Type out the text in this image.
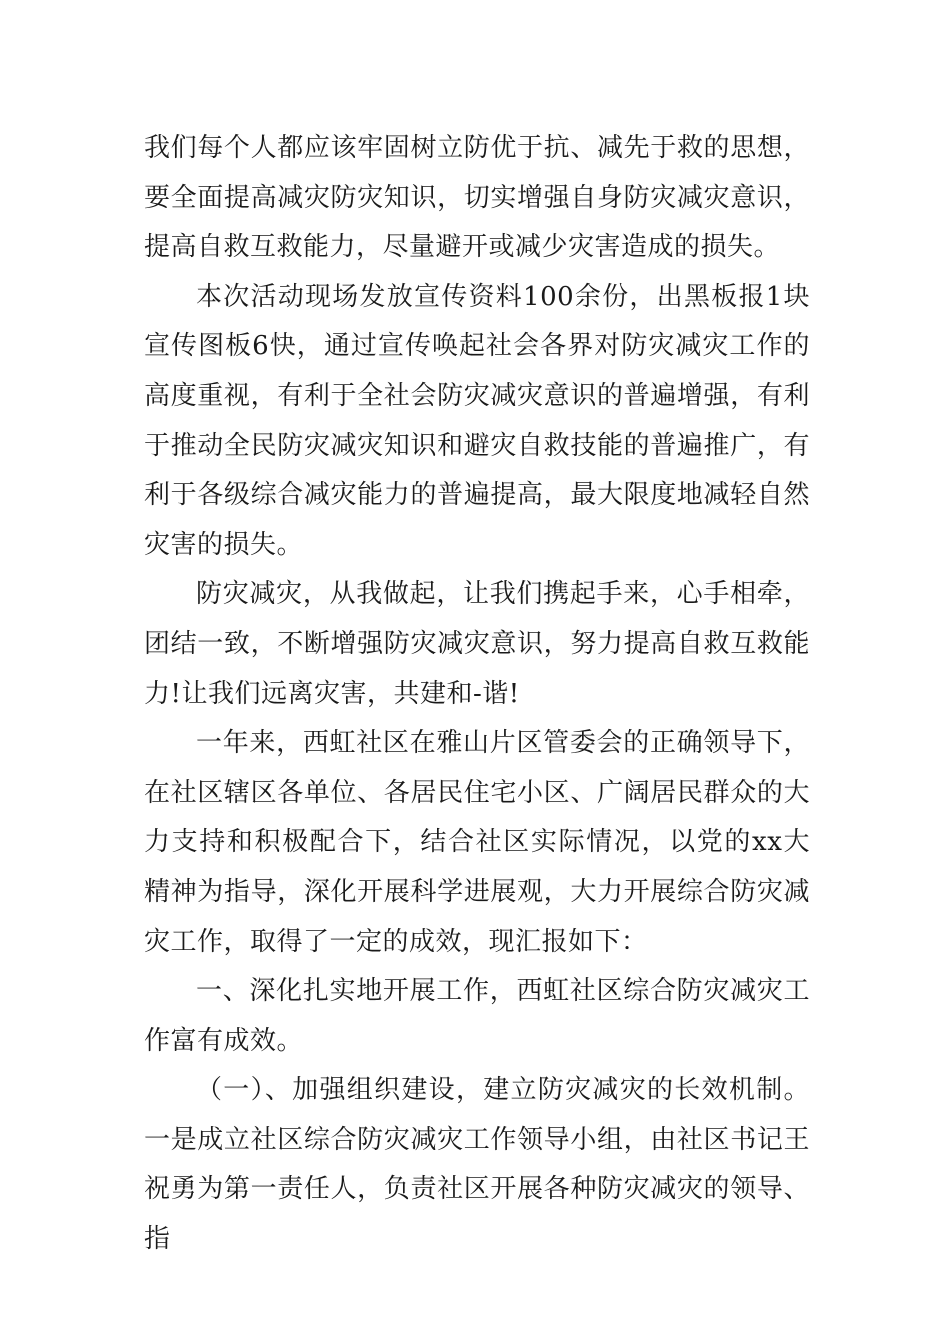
我们每个人都应该牢固树立防优于抗、减先于救的思想，要全面提高减灾防灾知识，切实增强自身防灾减灾意识，提高自救互救能力，尽量避开或减少灾害造成的损失。

本次活动现场发放宣传资料100余份，出黑板报1块宣传图板6快，通过宣传唤起社会各界对防灾减灾工作的高度重视，有利于全社会防灾减灾意识的普遍增强，有利于推动全民防灾减灾知识和避灾自救技能的普遍推广，有利于各级综合减灾能力的普遍提高，最大限度地减轻自然灾害的损失。

防灾减灾，从我做起，让我们携起手来，心手相牵，团结一致，不断增强防灾减灾意识，努力提高自救互救能力!让我们远离灾害，共建和-谐!

一年来，西虹社区在雅山片区管委会的正确领导下，在社区辖区各单位、各居民住宅小区、广阔居民群众的大力支持和积极配合下，结合社区实际情况，以党的xx大精神为指导，深化开展科学进展观，大力开展综合防灾减灾工作，取得了一定的成效，现汇报如下：

一、深化扎实地开展工作，西虹社区综合防灾减灾工作富有成效。

（一）、加强组织建设，建立防灾减灾的长效机制。一是成立社区综合防灾减灾工作领导小组，由社区书记王祝勇为第一责任人，负责社区开展各种防灾减灾的领导、指
